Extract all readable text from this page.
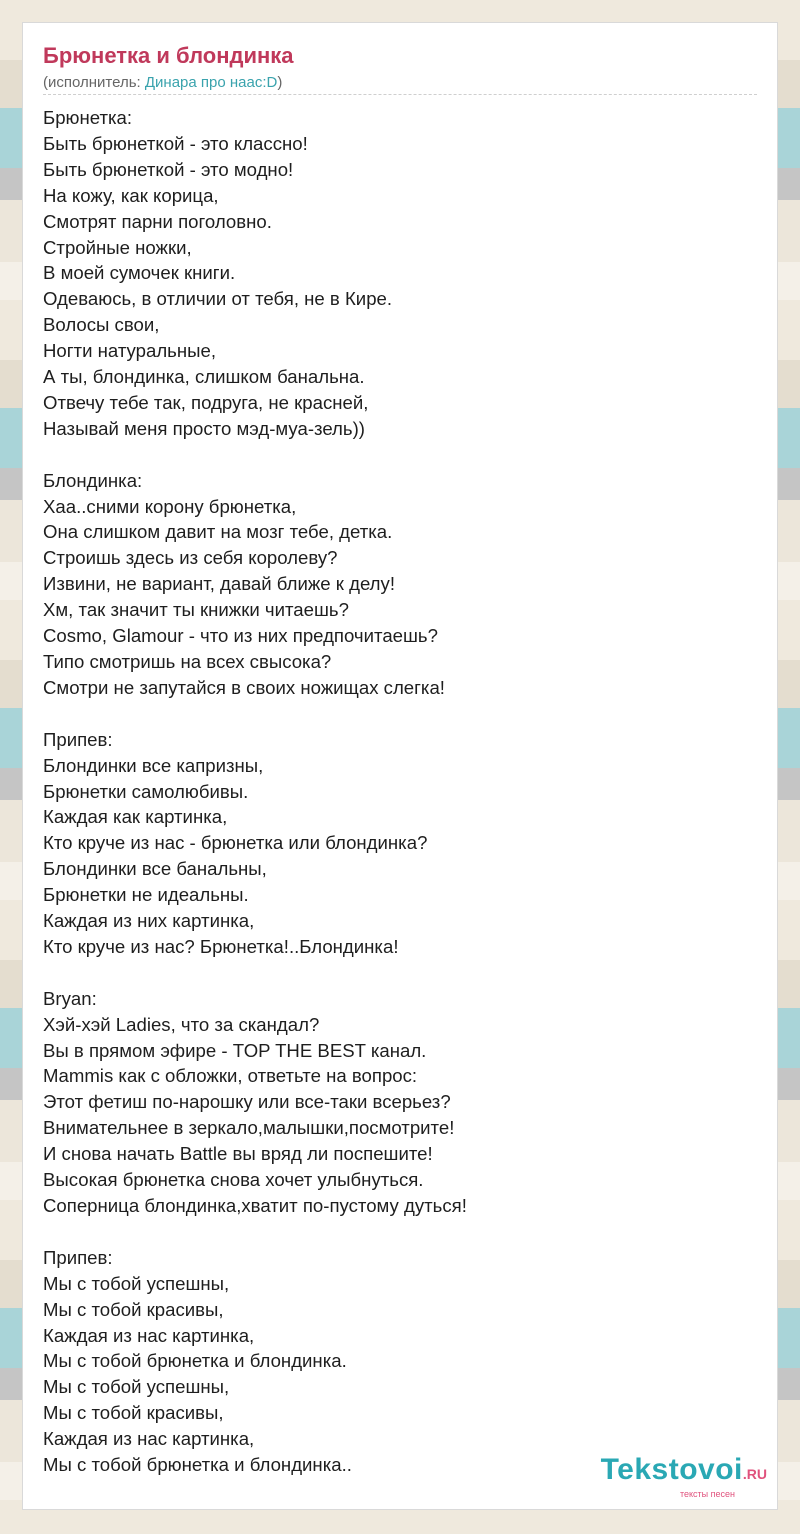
Брюнетка и блондинка
(исполнитель: Динара про наас:D)
Брюнетка:
Быть брюнеткой - это классно!
Быть брюнеткой - это модно!
На кожу, как корица,
Смотрят парни поголовно.
Стройные ножки,
В моей сумочек книги.
Одеваюсь, в отличии от тебя, не в Кире.
Волосы свои,
Ногти натуральные,
А ты, блондинка, слишком банальна.
Отвечу тебе так, подруга, не красней,
Называй меня просто мэд-муа-зель))
Блондинка:
Хаа..сними корону брюнетка,
Она слишком давит на мозг тебе, детка.
Строишь здесь из себя королеву?
Извини, не вариант, давай ближе к делу!
Хм, так значит ты книжки читаешь?
Cosmo, Glamour - что из них предпочитаешь?
Типо смотришь на всех свысока?
Смотри не запутайся в своих ножищах слегка!
Припев:
Блондинки все капризны,
Брюнетки самолюбивы.
Каждая как картинка,
Кто круче из нас - брюнетка или блондинка?
Блондинки все банальны,
Брюнетки не идеальны.
Каждая из них картинка,
Кто круче из нас? Брюнетка!..Блондинка!
Bryan:
Хэй-хэй Ladies, что за скандал?
Вы в прямом эфире - TOP THE BEST канал.
Mammis как с обложки, ответьте на вопрос:
Этот фетиш по-нарошку или все-таки всерьез?
Внимательнее в зеркало,малышки,посмотрите!
И снова начать Battle вы вряд ли поспешите!
Высокая брюнетка снова хочет улыбнуться.
Соперница блондинка,хватит по-пустому дуться!
Припев:
Мы с тобой успешны,
Мы с тобой красивы,
Каждая из нас картинка,
Мы с тобой брюнетка и блондинка.
Мы с тобой успешны,
Мы с тобой красивы,
Каждая из нас картинка,
Мы с тобой брюнетка и блондинка..	Tekstovoi.RU
тексты песен
